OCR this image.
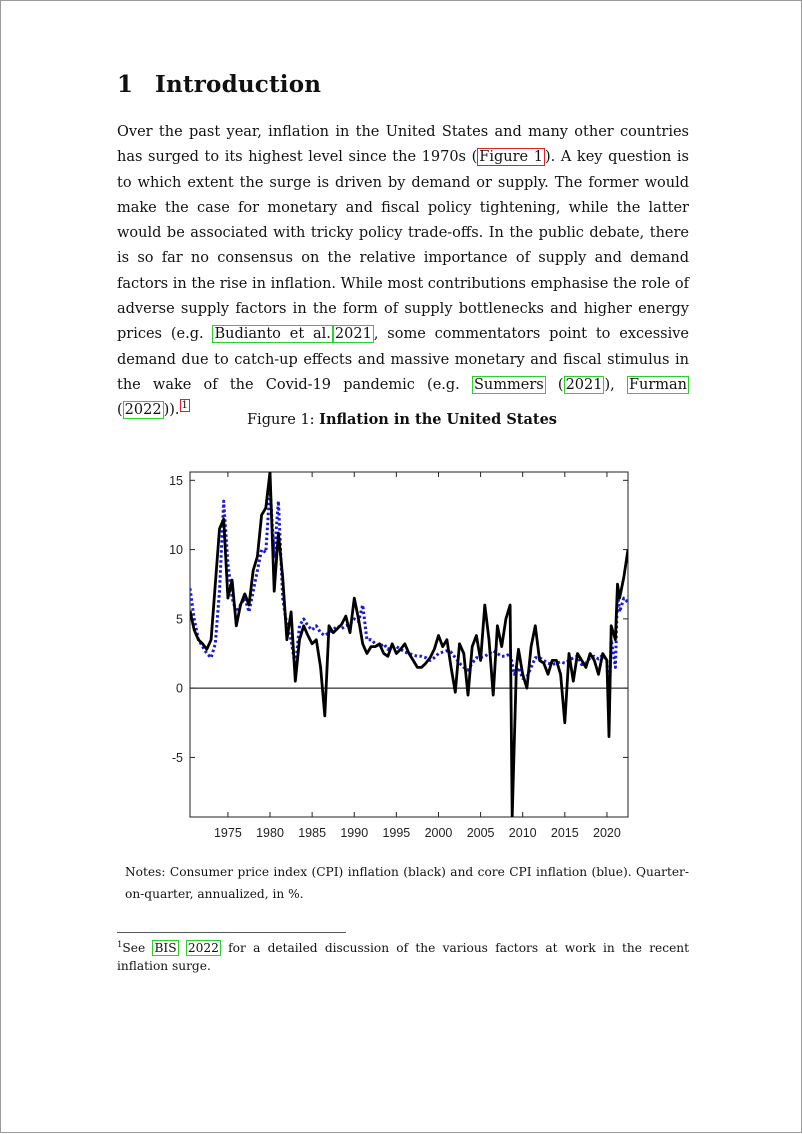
1 Introduction

Over the past year, inflation in the United States and many other countries has surged to its highest level since the 1970s ( Figure 1 ). A key question is to which extent the surge is driven by demand or supply. The former would make the case for monetary and fiscal policy tightening, while the latter would be associated with tricky policy trade-offs. In the public debate, there is so far no consensus on the relative importance of supply and demand factors in the rise in inflation. While most contributions emphasise the role of adverse supply factors in the form of supply bottlenecks and higher energy prices (e.g. Budianto et al. 2021 , some commentators point to excessive demand due to catch-up effects and massive monetary and fiscal stimulus in the wake of the Covid-19 pandemic (e.g. Summers ( 2021 ), Furman ( 2022 )). $^1$

Figure 1: Inflation in the United States
-5
0
5
10
15
1975 1980 1985 1990 1995 2000 2005 2010 2015 2020
Notes: Consumer price index (CPI) inflation (black) and core CPI inflation (blue). Quarter-on-quarter, annualized, in %.
$^1$See BIS 2022 for a detailed discussion of the various factors at work in the recent inflation surge.
